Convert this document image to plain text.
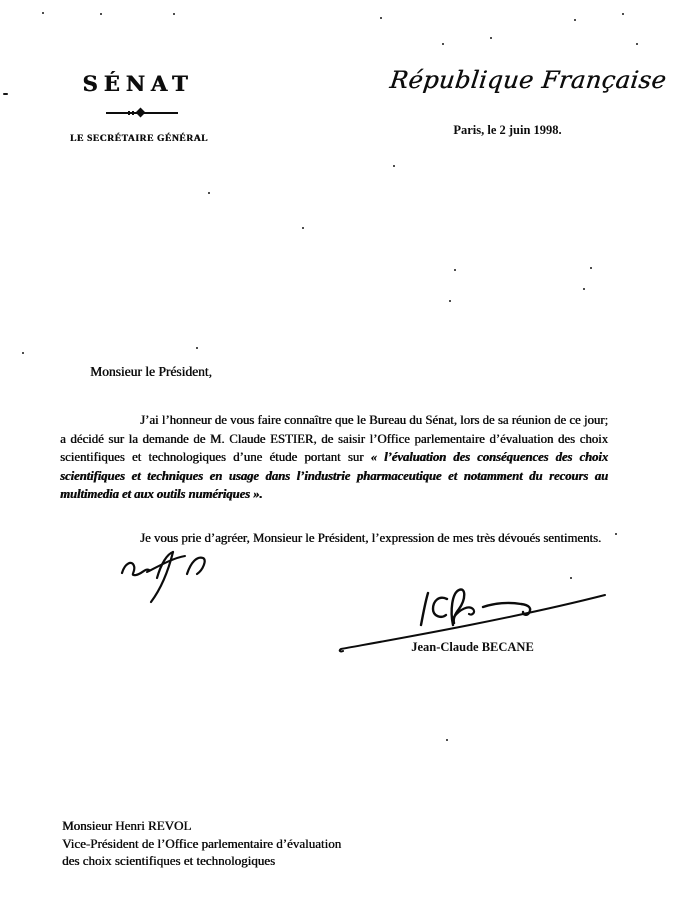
SÉNAT
LE SECRÉTAIRE GÉNÉRAL
République Française
Paris, le 2 juin 1998.
Monsieur le Président,
J’ai l’honneur de vous faire connaître que le Bureau du Sénat, lors de sa réunion de ce jour; a décidé sur la demande de M. Claude ESTIER, de saisir l’Office parlementaire d’évaluation des choix scientifiques et technologiques d’une étude portant sur « l’évaluation des conséquences des choix scientifiques et techniques en usage dans l’industrie pharmaceutique et notamment du recours au multimedia et aux outils numériques ».
Je vous prie d’agréer, Monsieur le Président, l’expression de mes très dévoués sentiments.
Jean-Claude BECANE
Monsieur Henri REVOL
Vice-Président de l’Office parlementaire d’évaluation
des choix scientifiques et technologiques
